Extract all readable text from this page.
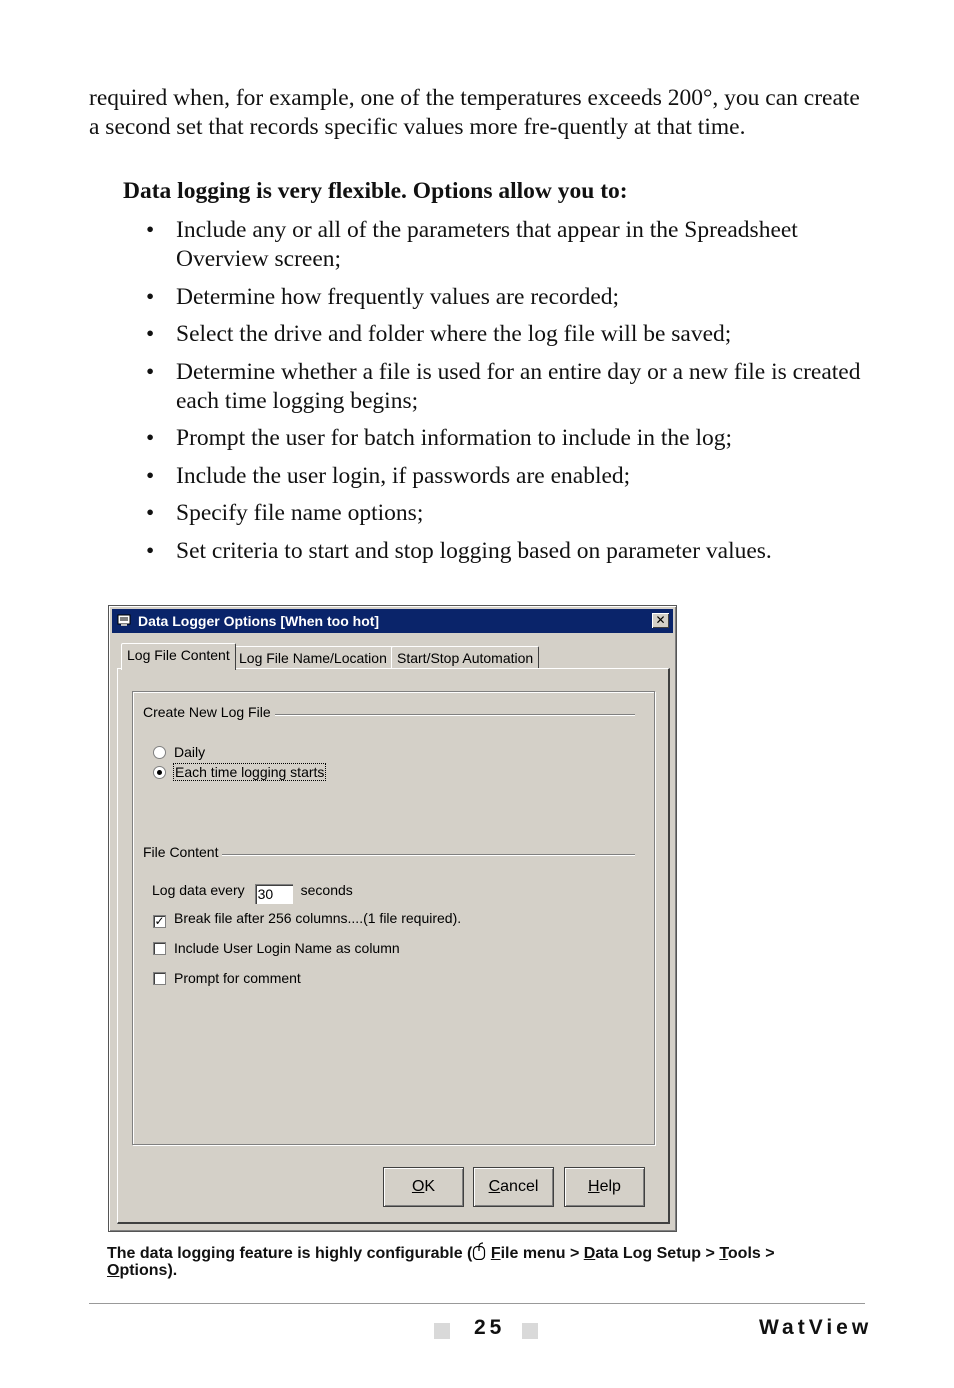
required when, for example, one of the temperatures exceeds 200°, you can create a second set that records specific values more fre-quently at that time.

Data logging is very flexible. Options allow you to:

• Include any or all of the parameters that appear in the Spreadsheet Overview screen;
• Determine how frequently values are recorded;
• Select the drive and folder where the log file will be saved;
• Determine whether a file is used for an entire day or a new file is created each time logging begins;
• Prompt the user for batch information to include in the log;
• Include the user login, if passwords are enabled;
• Specify file name options;
• Set criteria to start and stop logging based on parameter values.
Data Logger Options [When too hot]	✕
Log File Content Log File Name/Location Start/Stop Automation
Create New Log File
Daily
Each time logging starts
File Content
Log data every 30 seconds
✓ Break file after 256 columns....(1 file required).
Include User Login Name as column
Prompt for comment
OK	Cancel	Help
The data logging feature is highly configurable ( File menu > Data Log Setup > Tools >
Options).
25	WatView
